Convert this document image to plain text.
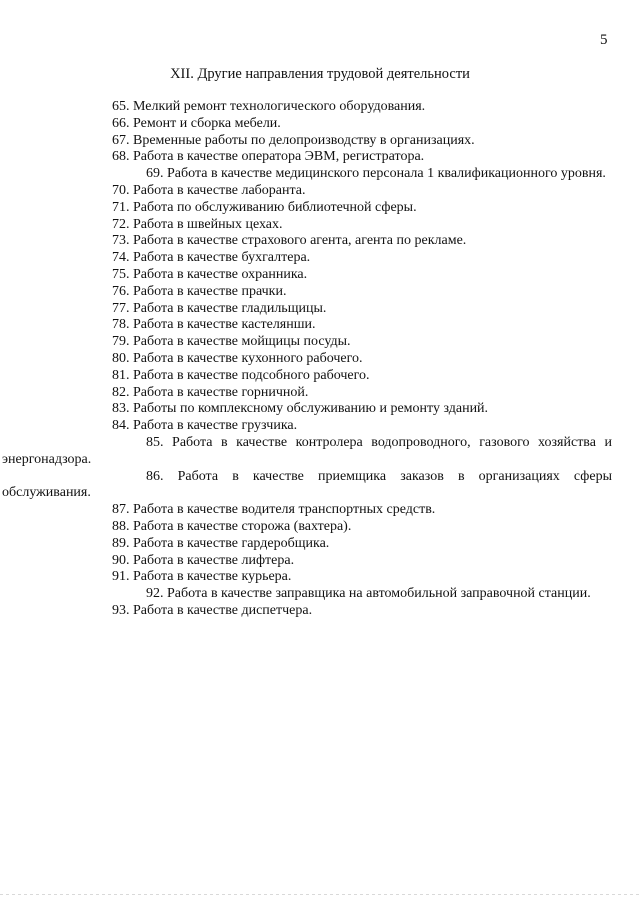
5
XII. Другие направления трудовой деятельности
65. Мелкий ремонт технологического оборудования.
66. Ремонт и сборка мебели.
67. Временные работы по делопроизводству в организациях.
68. Работа в качестве оператора ЭВМ, регистратора.
69. Работа в качестве медицинского персонала 1 квалификационного уровня.
70. Работа в качестве лаборанта.
71. Работа по обслуживанию библиотечной сферы.
72. Работа в швейных цехах.
73. Работа в качестве страхового агента, агента по рекламе.
74. Работа в качестве бухгалтера.
75. Работа в качестве охранника.
76. Работа в качестве прачки.
77. Работа в качестве гладильщицы.
78. Работа в качестве кастелянши.
79. Работа в качестве мойщицы посуды.
80. Работа в качестве кухонного рабочего.
81. Работа в качестве подсобного рабочего.
82. Работа в качестве горничной.
83. Работы по комплексному обслуживанию и ремонту зданий.
84. Работа в качестве грузчика.
85. Работа в качестве контролера водопроводного, газового хозяйства и энергонадзора.
86. Работа в качестве приемщика заказов в организациях сферы обслуживания.
87. Работа в качестве водителя транспортных средств.
88. Работа в качестве сторожа (вахтера).
89. Работа в качестве гардеробщика.
90. Работа в качестве лифтера.
91. Работа в качестве курьера.
92. Работа в качестве заправщика на автомобильной заправочной станции.
93. Работа в качестве диспетчера.
